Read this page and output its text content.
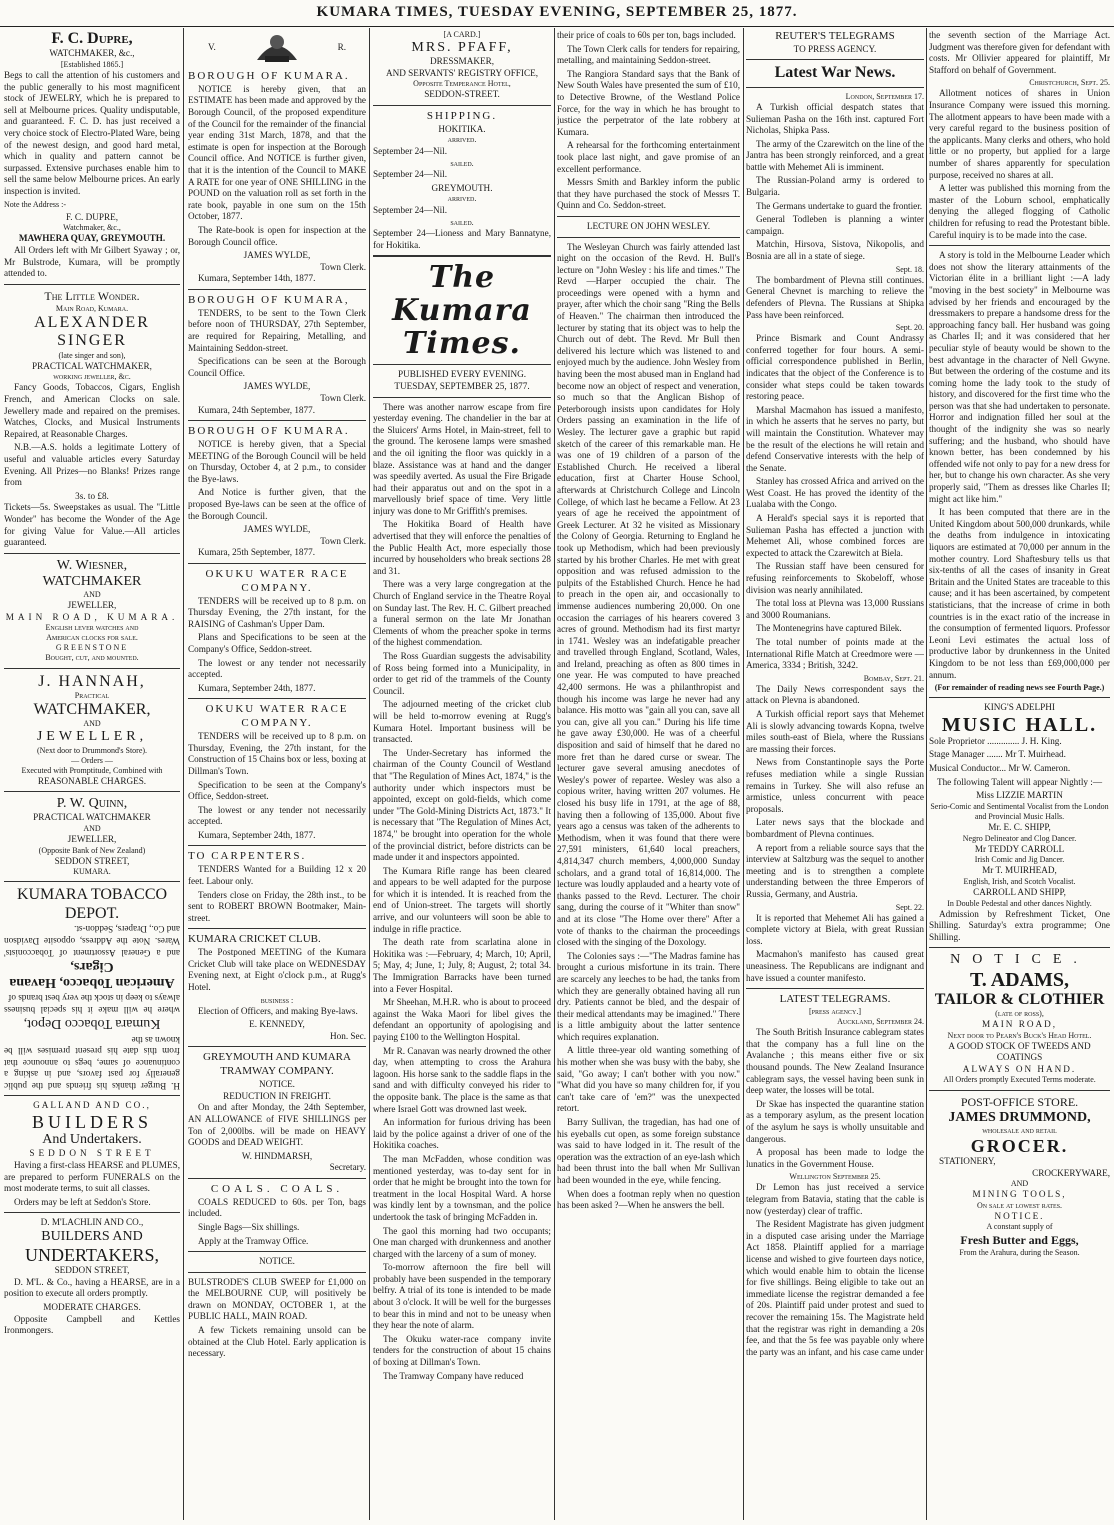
KUMARA TIMES, TUESDAY EVENING, SEPTEMBER 25, 1877.
F. C. Dupre,
WATCHMAKER, &c.,
[Established 1865.]

Begs to call the attention of his customers and the public generally to his most magnificent stock of JEWELRY, which he is prepared to sell at Melbourne prices. Quality undisputable, and guaranteed. F. C. D. has just received a very choice stock of Electro-Plated Ware, being of the newest design, and good hard metal, which in quality and pattern cannot be surpassed. Extensive purchases enable him to sell the same below Melbourne prices. An early inspection is invited.

Note the Address :-

F. C. DUPRE,
Watchmaker, &c.,
MAWHERA QUAY, GREYMOUTH.

All Orders left with Mr Gilbert Syaway ; or, Mr Bulstrode, Kumara, will be promptly attended to.

The Little Wonder.
Main Road, Kumara.
ALEXANDER SINGER
(late singer and son),
PRACTICAL WATCHMAKER,
working jeweller, &c.

Fancy Goods, Tobaccos, Cigars, English French, and American Clocks on sale. Jewellery made and repaired on the premises. Watches, Clocks, and Musical Instruments Repaired, at Reasonable Charges.

N.B.—A.S. holds a legitimate Lottery of useful and valuable articles every Saturday Evening. All Prizes—no Blanks! Prizes range from

3s. to £8.

Tickets—5s. Sweepstakes as usual. The "Little Wonder" has become the Wonder of the Age for giving Value for Value.—All articles guaranteed.

W. Wiesner,
WATCHMAKER
AND
JEWELLER,
MAIN ROAD, KUMARA.
English lever watches and
American clocks for sale.
GREENSTONE
Bought, cut, and mounted.
J. HANNAH,
Practical
WATCHMAKER,
AND
JEWELLER,
(Next door to Drummond's Store).
— Orders —
Executed with Promptitude, Combined with
REASONABLE CHARGES.
P. W. Quinn,
PRACTICAL WATCHMAKER
AND
JEWELLER,
(Opposite Bank of New Zealand)
SEDDON STREET,
KUMARA.
KUMARA TOBACCO DEPOT.

H. Burger thanks his friends and the public generally for past favors, and in asking a continuance of same, begs to announce that from this date his present premises will be known as the

Kumara Tobacco Depot,

where he will make it his special business always to keep in stock the very best brands of

American Tobacco, Havana Cigars,

and a General Assortment of Tobacconists' Wares. Note the Address, opposite Davidson and Co., Drapers, Seddon-st.

GALLAND AND CO.,
BUILDERS
And Undertakers.
SEDDON STREET

Having a first-class HEARSE and PLUMES, are prepared to perform FUNERALS on the most moderate terms, to suit all classes.

Orders may be left at Seddon's Store.

D. M'LACHLIN AND CO.,
BUILDERS AND
UNDERTAKERS,
SEDDON STREET,

D. M'L. & Co., having a HEARSE, are in a position to execute all orders promptly.

MODERATE CHARGES.

Opposite Campbell and Kettles Ironmongers.

V.	R.
BOROUGH OF KUMARA.

NOTICE is hereby given, that an ESTIMATE has been made and approved by the Borough Council, of the proposed expenditure of the Council for the remainder of the financial year ending 31st March, 1878, and that the estimate is open for inspection at the Borough Council office. And NOTICE is further given, that it is the intention of the Council to MAKE A RATE for one year of ONE SHILLING in the POUND on the valuation roll as set forth in the rate book, payable in one sum on the 15th October, 1877.

The Rate-book is open for inspection at the Borough Council office.

JAMES WYLDE,
Town Clerk.

Kumara, September 14th, 1877.

BOROUGH OF KUMARA,

TENDERS, to be sent to the Town Clerk before noon of THURSDAY, 27th September, are required for Repairing, Metalling, and Maintaining Seddon-street.

Specifications can be seen at the Borough Council Office.

JAMES WYLDE,
Town Clerk.

Kumara, 24th September, 1877.

BOROUGH OF KUMARA.

NOTICE is hereby given, that a Special MEETING of the Borough Council will be held on Thursday, October 4, at 2 p.m., to consider the Bye-laws.

And Notice is further given, that the proposed Bye-laws can be seen at the office of the Borough Council.

JAMES WYLDE,
Town Clerk.

Kumara, 25th September, 1877.

OKUKU WATER RACE COMPANY.

TENDERS will be received up to 8 p.m. on Thursday Evening, the 27th instant, for the RAISING of Cashman's Upper Dam.

Plans and Specifications to be seen at the Company's Office, Seddon-street.

The lowest or any tender not necessarily accepted.

Kumara, September 24th, 1877.

OKUKU WATER RACE COMPANY.

TENDERS will be received up to 8 p.m. on Thursday, Evening, the 27th instant, for the Construction of 15 Chains box or less, boxing at Dillman's Town.

Specification to be seen at the Company's Office, Seddon-street.

The lowest or any tender not necessarily accepted.

Kumara, September 24th, 1877.

TO CARPENTERS.

TENDERS Wanted for a Building 12 x 20 feet. Labour only.

Tenders close on Friday, the 28th inst., to be sent to ROBERT BROWN Bootmaker, Main-street.

KUMARA CRICKET CLUB.

The Postponed MEETING of the Kumara Cricket Club will take place on WEDNESDAY Evening next, at Eight o'clock p.m., at Rugg's Hotel.

business :

Election of Officers, and making Bye-laws.

E. KENNEDY,
Hon. Sec.
GREYMOUTH AND KUMARA TRAMWAY COMPANY.
NOTICE.
REDUCTION IN FREIGHT.

On and after Monday, the 24th September, AN ALLOWANCE of FIVE SHILLINGS per Ton of 2,000lbs. will be made on HEAVY GOODS and DEAD WEIGHT.

W. HINDMARSH,
Secretary.
COALS. COALS.

COALS REDUCED to 60s. per Ton, bags included.

Single Bags—Six shillings.

Apply at the Tramway Office.

NOTICE.

BULSTRODE'S CLUB SWEEP for £1,000 on the MELBOURNE CUP, will positively be drawn on MONDAY, OCTOBER 1, at the PUBLIC HALL, MAIN ROAD.

A few Tickets remaining unsold can be obtained at the Club Hotel. Early application is necessary.

[A CARD.]
MRS. PFAFF,
DRESSMAKER,
AND SERVANTS' REGISTRY OFFICE,
Opposite Temperance Hotel,
SEDDON-STREET.
SHIPPING.
HOKITIKA.
arrived.

September 24—Nil.

sailed.

September 24—Nil.

GREYMOUTH.
arrived.

September 24—Nil.

sailed.

September 24—Lioness and Mary Bannatyne, for Hokitika.

The Kumara Times.
PUBLISHED EVERY EVENING.
TUESDAY, SEPTEMBER 25, 1877.

There was another narrow escape from fire yesterday evening. The chandelier in the bar at the Sluicers' Arms Hotel, in Main-street, fell to the ground. The kerosene lamps were smashed and the oil igniting the floor was quickly in a blaze. Assistance was at hand and the danger was speedily averted. As usual the Fire Brigade had their apparatus out and on the spot in a marvellously brief space of time. Very little injury was done to Mr Griffith's premises.

The Hokitika Board of Health have advertised that they will enforce the penalties of the Public Health Act, more especially those incurred by householders who break sections 28 and 31.

There was a very large congregation at the Church of England service in the Theatre Royal on Sunday last. The Rev. H. C. Gilbert preached a funeral sermon on the late Mr Jonathan Clements of whom the preacher spoke in terms of the highest commendation.

The Ross Guardian suggests the advisability of Ross being formed into a Municipality, in order to get rid of the trammels of the County Council.

The adjourned meeting of the cricket club will be held to-morrow evening at Rugg's Kumara Hotel. Important business will be transacted.

The Under-Secretary has informed the chairman of the County Council of Westland that "The Regulation of Mines Act, 1874," is the authority under which inspectors must be appointed, except on gold-fields, which come under "The Gold-Mining Districts Act, 1873." It is necessary that "The Regulation of Mines Act, 1874," be brought into operation for the whole of the provincial district, before districts can be made under it and inspectors appointed.

The Kumara Rifle range has been cleared and appears to be well adapted for the purpose for which it is intended. It is reached from the end of Union-street. The targets will shortly arrive, and our volunteers will soon be able to indulge in rifle practice.

The death rate from scarlatina alone in Hokitika was :—February, 4; March, 10; April, 5; May, 4; June, 1; July, 8; August, 2; total 34. The Immigration Barracks have been turned into a Fever Hospital.

Mr Sheehan, M.H.R. who is about to proceed against the Waka Maori for libel gives the defendant an opportunity of apologising and paying £100 to the Wellington Hospital.

Mr R. Canavan was nearly drowned the other day, when attempting to cross the Arahura lagoon. His horse sank to the saddle flaps in the sand and with difficulty conveyed his rider to the opposite bank. The place is the same as that where Israel Gott was drowned last week.

An information for furious driving has been laid by the police against a driver of one of the Hokitika coaches.

The man McFadden, whose condition was mentioned yesterday, was to-day sent for in order that he might be brought into the town for treatment in the local Hospital Ward. A horse was kindly lent by a townsman, and the police undertook the task of bringing McFadden in.

The gaol this morning had two occupants; One man charged with drunkenness and another charged with the larceny of a sum of money.

To-morrow afternoon the fire bell will probably have been suspended in the temporary belfry. A trial of its tone is intended to be made about 3 o'clock. It will be well for the burgesses to bear this in mind and not to be uneasy when they hear the note of alarm.

The Okuku water-race company invite tenders for the construction of about 15 chains of boxing at Dillman's Town.

The Tramway Company have reduced

their price of coals to 60s per ton, bags included.

The Town Clerk calls for tenders for repairing, metalling, and maintaining Seddon-street.

The Rangiora Standard says that the Bank of New South Wales have presented the sum of £10, to Detective Browne, of the Westland Police Force, for the way in which he has brought to justice the perpetrator of the late robbery at Kumara.

A rehearsal for the forthcoming entertainment took place last night, and gave promise of an excellent performance.

Messrs Smith and Barkley inform the public that they have purchased the stock of Messrs T. Quinn and Co. Seddon-street.

LECTURE ON JOHN WESLEY.

The Wesleyan Church was fairly attended last night on the occasion of the Revd. H. Bull's lecture on "John Wesley : his life and times." The Revd —Harper occupied the chair. The proceedings were opened with a hymn and prayer, after which the choir sang "Ring the Bells of Heaven." The chairman then introduced the lecturer by stating that its object was to help the Church out of debt. The Revd. Mr Bull then delivered his lecture which was listened to and enjoyed much by the audience. John Wesley from having been the most abused man in England had become now an object of respect and veneration, so much so that the Anglican Bishop of Peterborough insists upon candidates for Holy Orders passing an examination in the life of Wesley. The lecturer gave a graphic but rapid sketch of the career of this remarkable man. He was one of 19 children of a parson of the Established Church. He received a liberal education, first at Charter House School, afterwards at Christchurch College and Lincoln College, of which last he became a Fellow. At 23 years of age he received the appointment of Greek Lecturer. At 32 he visited as Missionary the Colony of Georgia. Returning to England he took up Methodism, which had been previously started by his brother Charles. He met with great opposition and was refused admission to the pulpits of the Established Church. Hence he had to preach in the open air, and occasionally to immense audiences numbering 20,000. On one occasion the carriages of his hearers covered 3 acres of ground. Methodism had its first martyr in 1741. Wesley was an indefatigable preacher and travelled through England, Scotland, Wales, and Ireland, preaching as often as 800 times in one year. He was computed to have preached 42,400 sermons. He was a philanthropist and though his income was large he never had any balance. His motto was "gain all you can, save all you can, give all you can." During his life time he gave away £30,000. He was of a cheerful disposition and said of himself that he dared no more fret than he dared curse or swear. The lecturer gave several amusing anecdotes of Wesley's power of repartee. Wesley was also a copious writer, having written 207 volumes. He closed his busy life in 1791, at the age of 88, having then a following of 135,000. About five years ago a census was taken of the adherents to Methodism, when it was found that there were 27,591 ministers, 61,640 local preachers, 4,814,347 church members, 4,000,000 Sunday scholars, and a grand total of 16,814,000. The lecture was loudly applauded and a hearty vote of thanks passed to the Revd. Lecturer. The choir sang, during the course of it "Whiter than snow" and at its close "The Home over there" After a vote of thanks to the chairman the proceedings closed with the singing of the Doxology.

The Colonies says :—"The Madras famine has brought a curious misfortune in its train. There are scarcely any leeches to be had, the tanks from which they are generally obtained having all run dry. Patients cannot be bled, and the despair of their medical attendants may be imagined." There is a little ambiguity about the latter sentence which requires explanation.

A little three-year old wanting something of his mother when she was busy with the baby, she said, "Go away; I can't bother with you now." "What did you have so many children for, if you can't take care of 'em?" was the unexpected retort.

Barry Sullivan, the tragedian, has had one of his eyeballs cut open, as some foreign substance was said to have lodged in it. The result of the operation was the extraction of an eye-lash which had been thrust into the ball when Mr Sullivan had been wounded in the eye, while fencing.

When does a footman reply when no question has been asked ?—When he answers the bell.

REUTER'S TELEGRAMS
TO PRESS AGENCY.
Latest War News.
London, September 17.

A Turkish official despatch states that Sulieman Pasha on the 16th inst. captured Fort Nicholas, Shipka Pass.

The army of the Czarewitch on the line of the Jantra has been strongly reinforced, and a great battle with Mehemet Ali is imminent.

The Russian-Poland army is ordered to Bulgaria.

The Germans undertake to guard the frontier.

General Todleben is planning a winter campaign.

Matchin, Hirsova, Sistova, Nikopolis, and Bosnia are all in a state of siege.

Sept. 18.

The bombardment of Plevna still continues. General Chevnet is marching to relieve the defenders of Plevna. The Russians at Shipka Pass have been reinforced.

Sept. 20.

Prince Bismark and Count Andrassy conferred together for four hours. A semi-official correspondence published in Berlin, indicates that the object of the Conference is to consider what steps could be taken towards restoring peace.

Marshal Macmahon has issued a manifesto, in which he asserts that he serves no party, but will maintain the Constitution. Whatever may be the result of the elections he will retain and defend Conservative interests with the help of the Senate.

Stanley has crossed Africa and arrived on the West Coast. He has proved the identity of the Lualaba with the Congo.

A Herald's special says it is reported that Sulieman Pasha has effected a junction with Mehemet Ali, whose combined forces are expected to attack the Czarewitch at Biela.

The Russian staff have been censured for refusing reinforcements to Skobeloff, whose division was nearly annihilated.

The total loss at Plevna was 13,000 Russians and 3000 Roumanians.

The Montenegrins have captured Bilek.

The total number of points made at the International Rifle Match at Creedmore were —America, 3334 ; British, 3242.

Bombay, Sept. 21.

The Daily News correspondent says the attack on Plevna is abandoned.

A Turkish official report says that Mehemet Ali is slowly advancing towards Kopna, twelve miles south-east of Biela, where the Russians are massing their forces.

News from Constantinople says the Porte refuses mediation while a single Russian remains in Turkey. She will also refuse an armistice, unless concurrent with peace proposals.

Later news says that the blockade and bombardment of Plevna continues.

A report from a reliable source says that the interview at Saltzburg was the sequel to another meeting and is to strengthen a complete understanding between the three Emperors of Russia, Germany, and Austria.

Sept. 22.

It is reported that Mehemet Ali has gained a complete victory at Biela, with great Russian loss.

Macmahon's manifesto has caused great uneasiness. The Republicans are indignant and have issued a counter manifesto.

LATEST TELEGRAMS.
[press agency.]
Auckland, September 24.

The South British Insurance cablegram states that the company has a full line on the Avalanche ; this means either five or six thousand pounds. The New Zealand Insurance cablegram says, the vessel having been sunk in deep water, the losses will be total.

Dr Skae has inspected the quarantine station as a temporary asylum, as the present location of the asylum he says is wholly unsuitable and dangerous.

A proposal has been made to lodge the lunatics in the Government House.

Wellington September 25.

Dr Lemon has just received a service telegram from Batavia, stating that the cable is now (yesterday) clear of traffic.

The Resident Magistrate has given judgment in a disputed case arising under the Marriage Act 1858. Plaintiff applied for a marriage license and wished to give fourteen days notice, which would enable him to obtain the license for five shillings. Being eligible to take out an immediate license the registrar demanded a fee of 20s. Plaintiff paid under protest and sued to recover the remaining 15s. The Magistrate held that the registrar was right in demanding a 20s fee, and that the 5s fee was payable only where the party was an infant, and his case came under

the seventh section of the Marriage Act. Judgment was therefore given for defendant with costs. Mr Ollivier appeared for plaintiff, Mr Stafford on behalf of Government.

Christchurch, Sept. 25.

Allotment notices of shares in Union Insurance Company were issued this morning. The allotment appears to have been made with a very careful regard to the business position of the applicants. Many clerks and others, who hold little or no property, but applied for a large number of shares apparently for speculation purpose, received no shares at all.

A letter was published this morning from the master of the Loburn school, emphatically denying the alleged flogging of Catholic children for refusing to read the Protestant bible. Careful inquiry is to be made into the case.

A story is told in the Melbourne Leader which does not show the literary attainments of the Victorian élite in a brilliant light :—A lady "moving in the best society" in Melbourne was advised by her friends and encouraged by the dressmakers to prepare a handsome dress for the approaching fancy ball. Her husband was going as Charles II; and it was considered that her peculiar style of beauty would be shown to the best advantage in the character of Nell Gwyne. But between the ordering of the costume and its coming home the lady took to the study of history, and discovered for the first time who the person was that she had undertaken to personate. Horror and indignation filled her soul at the thought of the indignity she was so nearly suffering; and the husband, who should have known better, has been condemned by his offended wife not only to pay for a new dress for her, but to change his own character. As she very properly said, "Them as dresses like Charles II; might act like him."

It has been computed that there are in the United Kingdom about 500,000 drunkards, while the deaths from indulgence in intoxicating liquors are estimated at 70,000 per annum in the mother country. Lord Shaftesbury tells us that six-tenths of all the cases of insanity in Great Britain and the United States are traceable to this cause; and it has been ascertained, by competent statisticians, that the increase of crime in both countries is in the exact ratio of the increase in the consumption of fermented liquors. Professor Leoni Levi estimates the actual loss of productive labor by drunkenness in the United Kingdom to be not less than £69,000,000 per annum.

(For remainder of reading news see Fourth Page.)
KING'S ADELPHI
MUSIC HALL.

Sole Proprietor .............. J. H. King.

Stage Manager ....... Mr T. Muirhead.

Musical Conductor... Mr W. Cameron.

The following Talent will appear Nightly :—

Miss LIZZIE MARTIN
Serio-Comic and Sentimental Vocalist from the London and Provincial Music Halls.
Mr. E. C. SHIPP,
Negro Delineator and Clog Dancer.
Mr TEDDY CARROLL
Irish Comic and Jig Dancer.
Mr T. MUIRHEAD,
English, Irish, and Scotch Vocalist.
CARROLL AND SHIPP,
In Double Pedestal and other dances Nightly.

Admission by Refreshment Ticket, One Shilling. Saturday's extra programme; One Shilling.

NOTICE.
T. ADAMS,
TAILOR & CLOTHIER
(late of ross),
MAIN ROAD,
Next door to Pearn's Buck's Head Hotel.
A GOOD STOCK OF TWEEDS AND COATINGS
ALWAYS ON HAND.
All Orders promptly Executed Terms moderate.
POST-OFFICE STORE.
JAMES DRUMMOND,
wholesale and retail
GROCER.
STATIONERY,
CROCKERYWARE,
AND
MINING TOOLS,
On sale at lowest rates.
NOTICE.
A constant supply of
Fresh Butter and Eggs,
From the Arahura, during the Season.
